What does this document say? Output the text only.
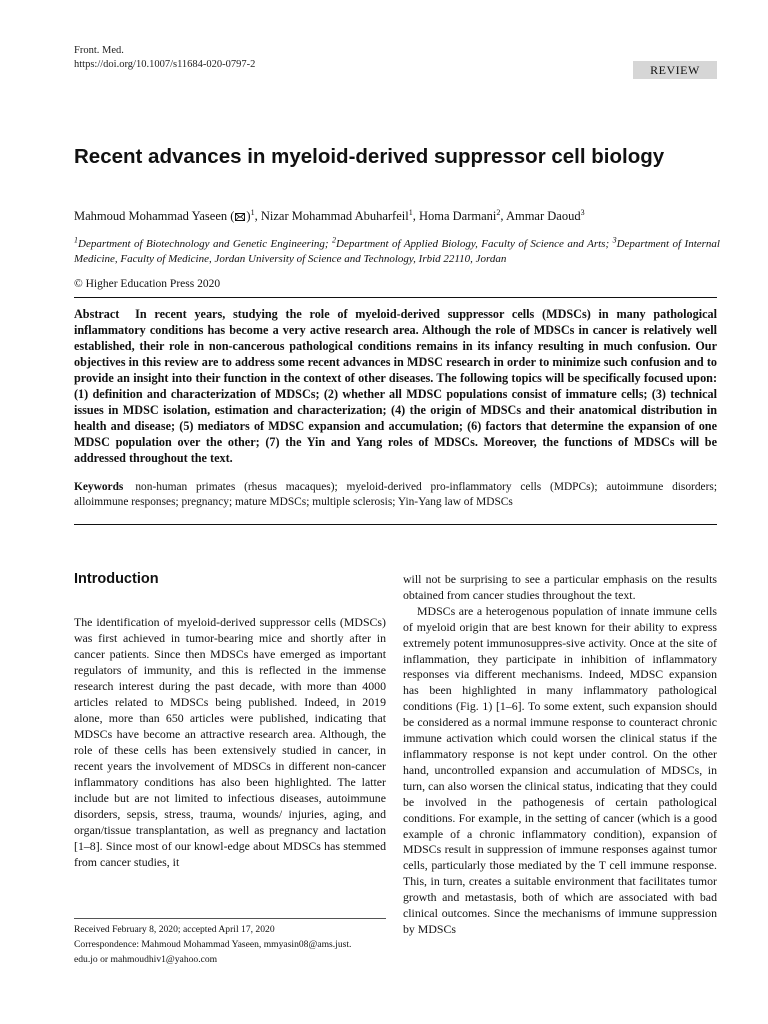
Front. Med.
https://doi.org/10.1007/s11684-020-0797-2	REVIEW
Recent advances in myeloid-derived suppressor cell biology
Mahmoud Mohammad Yaseen ( )$^1$, Nizar Mohammad Abuharfeil$^1$, Homa Darmani$^2$, Ammar Daoud$^3$
$^1$Department of Biotechnology and Genetic Engineering; $^2$Department of Applied Biology, Faculty of Science and Arts; $^3$Department of Internal Medicine, Faculty of Medicine, Jordan University of Science and Technology, Irbid 22110, Jordan
© Higher Education Press 2020
Abstract In recent years, studying the role of myeloid-derived suppressor cells (MDSCs) in many pathological inflammatory conditions has become a very active research area. Although the role of MDSCs in cancer is relatively well established, their role in non-cancerous pathological conditions remains in its infancy resulting in much confusion. Our objectives in this review are to address some recent advances in MDSC research in order to minimize such confusion and to provide an insight into their function in the context of other diseases. The following topics will be specifically focused upon: (1) definition and characterization of MDSCs; (2) whether all MDSC populations consist of immature cells; (3) technical issues in MDSC isolation, estimation and characterization; (4) the origin of MDSCs and their anatomical distribution in health and disease; (5) mediators of MDSC expansion and accumulation; (6) factors that determine the expansion of one MDSC population over the other; (7) the Yin and Yang roles of MDSCs. Moreover, the functions of MDSCs will be addressed throughout the text.
Keywords non-human primates (rhesus macaques); myeloid-derived pro-inflammatory cells (MDPCs); autoimmune disorders; alloimmune responses; pregnancy; mature MDSCs; multiple sclerosis; Yin-Yang law of MDSCs
Introduction

The identification of myeloid-derived suppressor cells (MDSCs) was first achieved in tumor-bearing mice and shortly after in cancer patients. Since then MDSCs have emerged as important regulators of immunity, and this is reflected in the immense research interest during the past decade, with more than 4000 articles related to MDSCs being published. Indeed, in 2019 alone, more than 650 articles were published, indicating that MDSCs have become an attractive research area. Although, the role of these cells has been extensively studied in cancer, in recent years the involvement of MDSCs in different non-cancer inflammatory conditions has also been highlighted. The latter include but are not limited to infectious diseases, autoimmune disorders, sepsis, stress, trauma, wounds/ injuries, aging, and organ/tissue transplantation, as well as pregnancy and lactation [1–8]. Since most of our knowl-edge about MDSCs has stemmed from cancer studies, it

Received February 8, 2020; accepted April 17, 2020
Correspondence: Mahmoud Mohammad Yaseen, mmyasin08@ams.just.
edu.jo or mahmoudhiv1@yahoo.com

will not be surprising to see a particular emphasis on the results obtained from cancer studies throughout the text.

MDSCs are a heterogenous population of innate immune cells of myeloid origin that are best known for their ability to express extremely potent immunosuppres-sive activity. Once at the site of inflammation, they participate in inhibition of inflammatory responses via different mechanisms. Indeed, MDSC expansion has been highlighted in many inflammatory pathological conditions (Fig. 1) [1–6]. To some extent, such expansion should be considered as a normal immune response to counteract chronic immune activation which could worsen the clinical status if the inflammatory response is not kept under control. On the other hand, uncontrolled expansion and accumulation of MDSCs, in turn, can also worsen the clinical status, indicating that they could be involved in the pathogenesis of certain pathological conditions. For example, in the setting of cancer (which is a good example of a chronic inflammatory condition), expansion of MDSCs result in suppression of immune responses against tumor cells, particularly those mediated by the T cell immune response. This, in turn, creates a suitable environment that facilitates tumor growth and metastasis, both of which are associated with bad clinical outcomes. Since the mechanisms of immune suppression by MDSCs
